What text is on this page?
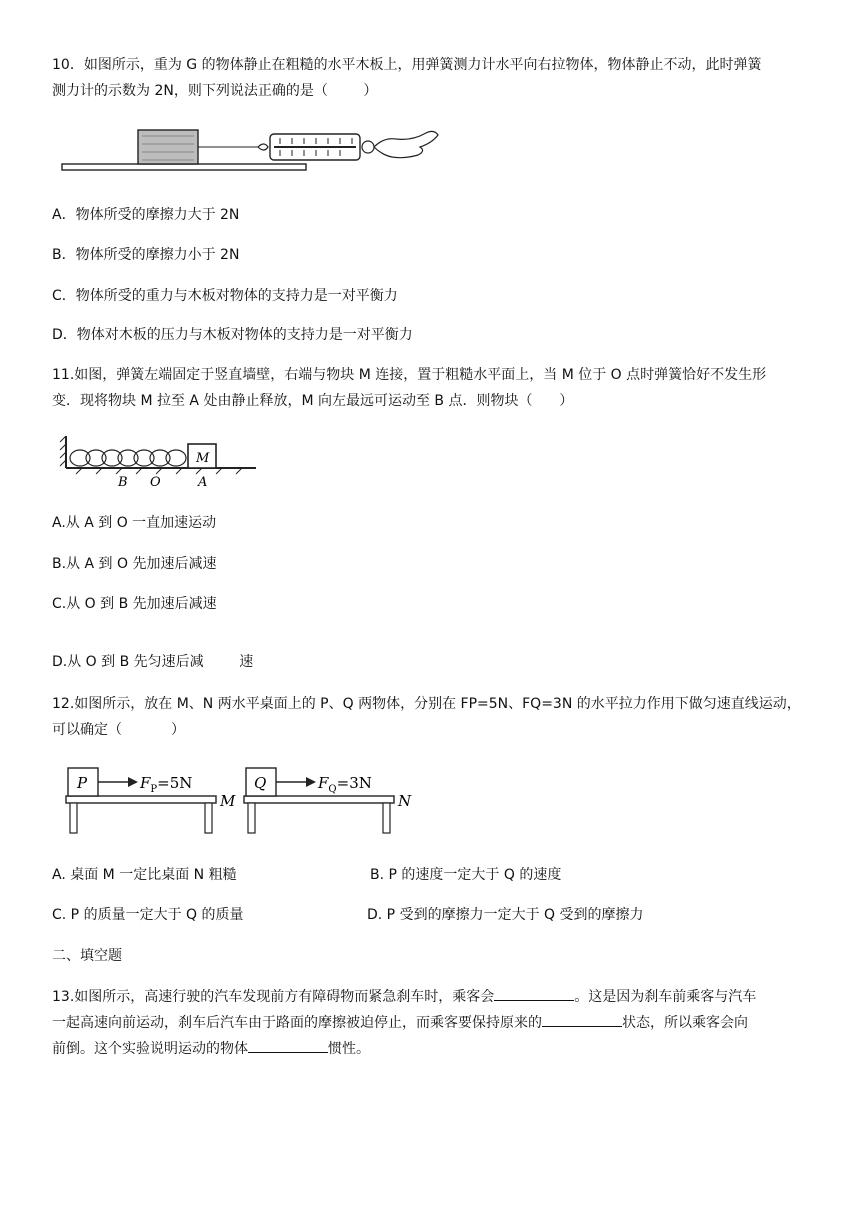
10．如图所示，重为 G 的物体静止在粗糙的水平木板上，用弹簧测力计水平向右拉物体，物体静止不动，此时弹簧
测力计的示数为 2N，则下列说法正确的是（        ）
A．物体所受的摩擦力大于 2N
B．物体所受的摩擦力小于 2N
C．物体所受的重力与木板对物体的支持力是一对平衡力
D．物体对木板的压力与木板对物体的支持力是一对平衡力
11.如图，弹簧左端固定于竖直墙壁，右端与物块 M 连接，置于粗糙水平面上，当 M 位于 O 点时弹簧恰好不发生形
变．现将物块 M 拉至 A 处由静止释放，M 向左最远可运动至 B 点．则物块（      ）
M
B O	A
A.从 A 到 O 一直加速运动
B.从 A 到 O 先加速后减速
C.从 O 到 B 先加速后减速
D.从 O 到 B 先匀速后减        速
12.如图所示，放在 M、N 两水平桌面上的 P、Q 两物体，分别在 FP=5N、FQ=3N 的水平拉力作用下做匀速直线运动，
可以确定（           ）
P	$F_P=5N$
M
Q	$F_Q=3N$
N
A. 桌面 M 一定比桌面 N 粗糙	B. P 的速度一定大于 Q 的速度
C. P 的质量一定大于 Q 的质量	D. P 受到的摩擦力一定大于 Q 受到的摩擦力
二、填空题
13.如图所示，高速行驶的汽车发现前方有障碍物而紧急刹车时，乘客会	。这是因为刹车前乘客与汽车
一起高速向前运动，刹车后汽车由于路面的摩擦被迫停止，而乘客要保持原来的	状态，所以乘客会向
前倒。这个实验说明运动的物体	惯性。
